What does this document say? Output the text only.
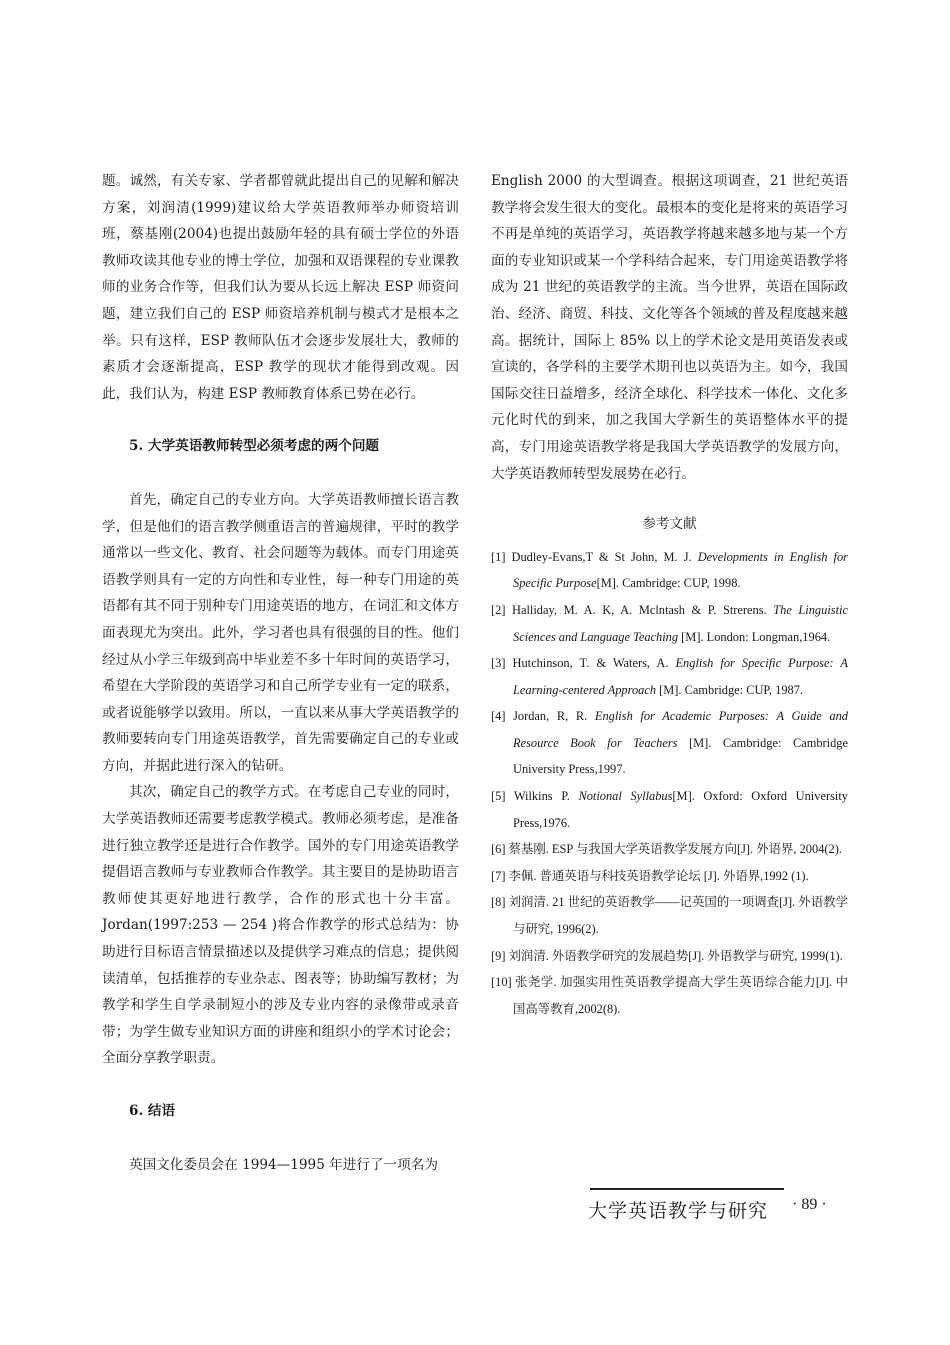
题。诚然，有关专家、学者都曾就此提出自己的见解和解决方案，刘润清(1999)建议给大学英语教师举办师资培训班，蔡基刚(2004)也提出鼓励年轻的具有硕士学位的外语教师攻读其他专业的博士学位，加强和双语课程的专业课教师的业务合作等，但我们认为要从长远上解决 ESP 师资问题，建立我们自己的 ESP 师资培养机制与模式才是根本之举。只有这样，ESP 教师队伍才会逐步发展壮大，教师的素质才会逐渐提高，ESP 教学的现状才能得到改观。因此，我们认为，构建 ESP 教师教育体系已势在必行。

5. 大学英语教师转型必须考虑的两个问题

首先，确定自己的专业方向。大学英语教师擅长语言教学，但是他们的语言教学侧重语言的普遍规律，平时的教学通常以一些文化、教育、社会问题等为载体。而专门用途英语教学则具有一定的方向性和专业性，每一种专门用途的英语都有其不同于别种专门用途英语的地方，在词汇和文体方面表现尤为突出。此外，学习者也具有很强的目的性。他们经过从小学三年级到高中毕业差不多十年时间的英语学习，希望在大学阶段的英语学习和自己所学专业有一定的联系，或者说能够学以致用。所以，一直以来从事大学英语教学的教师要转向专门用途英语教学，首先需要确定自己的专业或方向，并据此进行深入的钻研。

其次，确定自己的教学方式。在考虑自己专业的同时，大学英语教师还需要考虑教学模式。教师必须考虑，是准备进行独立教学还是进行合作教学。国外的专门用途英语教学提倡语言教师与专业教师合作教学。其主要目的是协助语言教师使其更好地进行教学，合作的形式也十分丰富。Jordan(1997:253 — 254 )将合作教学的形式总结为：协助进行目标语言情景描述以及提供学习难点的信息；提供阅读清单，包括推荐的专业杂志、图表等；协助编写教材；为教学和学生自学录制短小的涉及专业内容的录像带或录音带；为学生做专业知识方面的讲座和组织小的学术讨论会；全面分享教学职责。

6. 结语

英国文化委员会在 1994—1995 年进行了一项名为

English 2000 的大型调查。根据这项调查，21 世纪英语教学将会发生很大的变化。最根本的变化是将来的英语学习不再是单纯的英语学习，英语教学将越来越多地与某一个方面的专业知识或某一个学科结合起来，专门用途英语教学将成为 21 世纪的英语教学的主流。当今世界，英语在国际政治、经济、商贸、科技、文化等各个领域的普及程度越来越高。据统计，国际上 85% 以上的学术论文是用英语发表或宣读的，各学科的主要学术期刊也以英语为主。如今，我国国际交往日益增多，经济全球化、科学技术一体化、文化多元化时代的到来，加之我国大学新生的英语整体水平的提高，专门用途英语教学将是我国大学英语教学的发展方向，大学英语教师转型发展势在必行。

参考文献
[1] Dudley-Evans,T & St John, M. J. Developments in English for Specific Purpose[M]. Cambridge: CUP, 1998.
[2] Halliday, M. A. K, A. Mclntash & P. Strerens. The Linguistic Sciences and Language Teaching [M]. London: Longman,1964.
[3] Hutchinson, T. & Waters, A. English for Specific Purpose: A Learning-centered Approach [M]. Cambridge: CUP, 1987.
[4] Jordan, R, R. English for Academic Purposes: A Guide and Resource Book for Teachers [M]. Cambridge: Cambridge University Press,1997.
[5] Wilkins P. Notional Syllabus[M]. Oxford: Oxford University Press,1976.
[6] 蔡基刚. ESP 与我国大学英语教学发展方向[J]. 外语界, 2004(2).
[7] 李佩. 普通英语与科技英语教学论坛 [J]. 外语界,1992 (1).
[8] 刘润清. 21 世纪的英语教学——记英国的一项调查[J]. 外语教学与研究, 1996(2).
[9] 刘润清. 外语教学研究的发展趋势[J]. 外语教学与研究, 1999(1).
[10] 张尧学. 加强实用性英语教学提高大学生英语综合能力[J]. 中国高等教育,2002(8).
大学英语教学与研究 · 89 ·
